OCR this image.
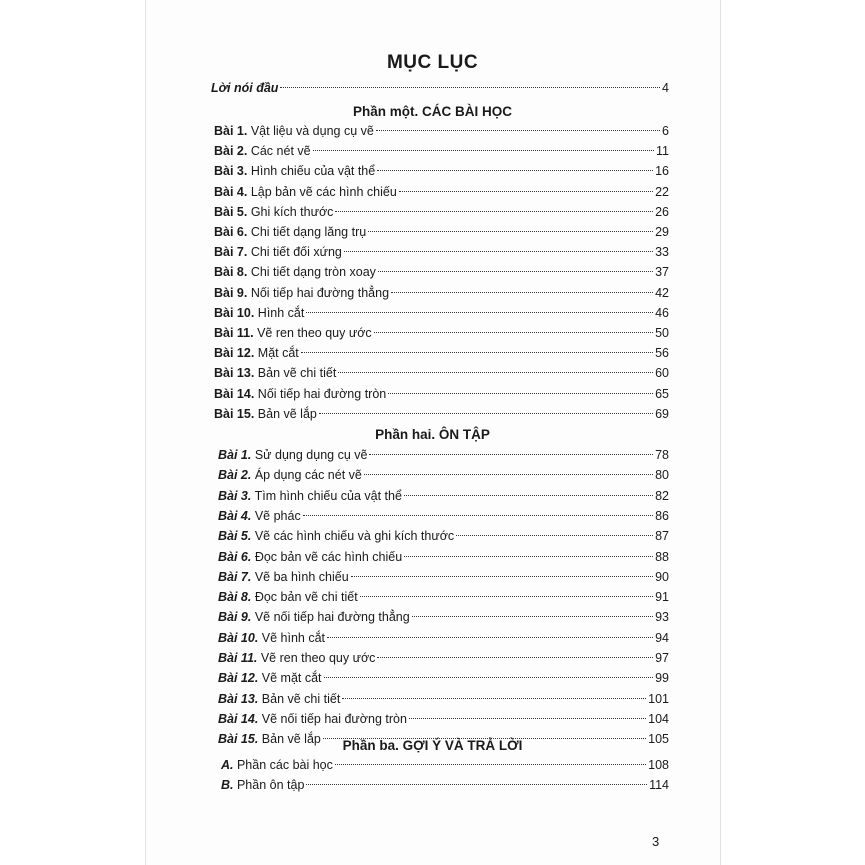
MỤC LỤC
Lời nói đầu	4
Phần một. CÁC BÀI HỌC
Bài 1. Vật liệu và dụng cụ vẽ	6
Bài 2. Các nét vẽ	11
Bài 3. Hình chiếu của vật thể	16
Bài 4. Lập bản vẽ các hình chiếu	22
Bài 5. Ghi kích thước	26
Bài 6. Chi tiết dạng lăng trụ	29
Bài 7. Chi tiết đối xứng	33
Bài 8. Chi tiết dạng tròn xoay	37
Bài 9. Nối tiếp hai đường thẳng	42
Bài 10. Hình cắt	46
Bài 11. Vẽ ren theo quy ước	50
Bài 12. Mặt cắt	56
Bài 13. Bản vẽ chi tiết	60
Bài 14. Nối tiếp hai đường tròn	65
Bài 15. Bản vẽ lắp	69
Phần hai. ÔN TẬP
Bài 1. Sử dụng dụng cụ vẽ	78
Bài 2. Áp dụng các nét vẽ	80
Bài 3. Tìm hình chiếu của vật thể	82
Bài 4. Vẽ phác	86
Bài 5. Vẽ các hình chiếu và ghi kích thước	87
Bài 6. Đọc bản vẽ các hình chiếu	88
Bài 7. Vẽ ba hình chiếu	90
Bài 8. Đọc bản vẽ chi tiết	91
Bài 9. Vẽ nối tiếp hai đường thẳng	93
Bài 10. Vẽ hình cắt	94
Bài 11. Vẽ ren theo quy ước	97
Bài 12. Vẽ mặt cắt	99
Bài 13. Bản vẽ chi tiết	101
Bài 14. Vẽ nối tiếp hai đường tròn	104
Bài 15. Bản vẽ lắp	105
Phần ba. GỢI Ý VÀ TRẢ LỜI
A. Phần các bài học	108
B. Phần ôn tập	114
3
